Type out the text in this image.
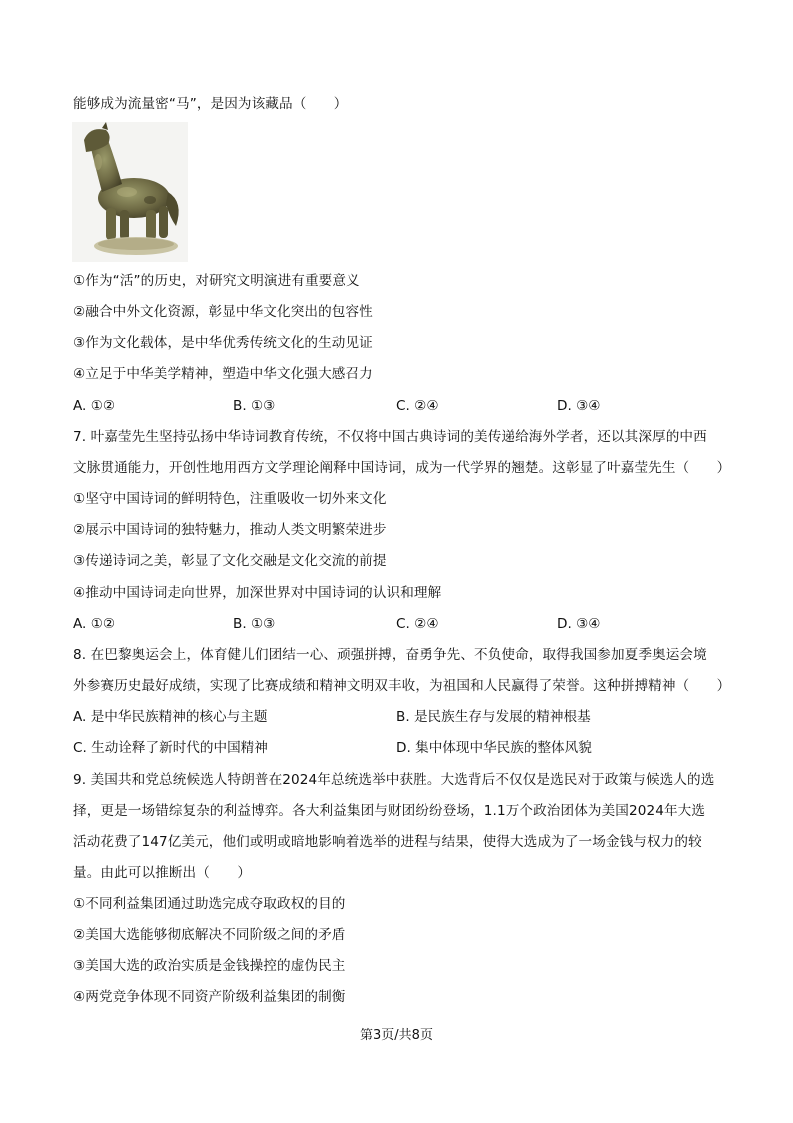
能够成为流量密“马”，是因为该藏品（　　）
①作为“活”的历史，对研究文明演进有重要意义
②融合中外文化资源，彰显中华文化突出的包容性
③作为文化载体，是中华优秀传统文化的生动见证
④立足于中华美学精神，塑造中华文化强大感召力
A. ①②	B. ①③	C. ②④	D. ③④
7. 叶嘉莹先生坚持弘扬中华诗词教育传统，不仅将中国古典诗词的美传递给海外学者，还以其深厚的中西
文脉贯通能力，开创性地用西方文学理论阐释中国诗词，成为一代学界的翘楚。这彰显了叶嘉莹先生（　　）
①坚守中国诗词的鲜明特色，注重吸收一切外来文化
②展示中国诗词的独特魅力，推动人类文明繁荣进步
③传递诗词之美，彰显了文化交融是文化交流的前提
④推动中国诗词走向世界，加深世界对中国诗词的认识和理解
A. ①②	B. ①③	C. ②④	D. ③④
8. 在巴黎奥运会上，体育健儿们团结一心、顽强拼搏，奋勇争先、不负使命，取得我国参加夏季奥运会境
外参赛历史最好成绩，实现了比赛成绩和精神文明双丰收，为祖国和人民赢得了荣誉。这种拼搏精神（　　）
A. 是中华民族精神的核心与主题	B. 是民族生存与发展的精神根基
C. 生动诠释了新时代的中国精神	D. 集中体现中华民族的整体风貌
9. 美国共和党总统候选人特朗普在2024年总统选举中获胜。大选背后不仅仅是选民对于政策与候选人的选
择，更是一场错综复杂的利益博弈。各大利益集团与财团纷纷登场，1.1万个政治团体为美国2024年大选
活动花费了147亿美元，他们或明或暗地影响着选举的进程与结果，使得大选成为了一场金钱与权力的较
量。由此可以推断出（　　）
①不同利益集团通过助选完成夺取政权的目的
②美国大选能够彻底解决不同阶级之间的矛盾
③美国大选的政治实质是金钱操控的虚伪民主
④两党竞争体现不同资产阶级利益集团的制衡
第3页/共8页
